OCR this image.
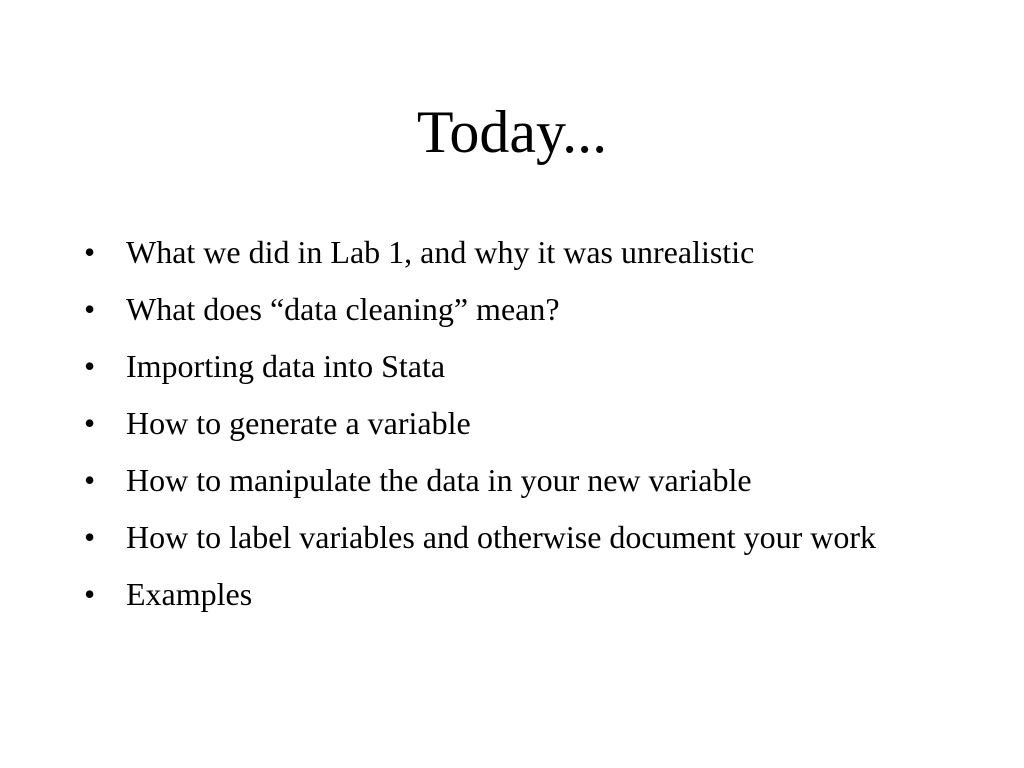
Today...
• What we did in Lab 1, and why it was unrealistic
• What does “data cleaning” mean?
• Importing data into Stata
• How to generate a variable
• How to manipulate the data in your new variable
• How to label variables and otherwise document your work
• Examples
